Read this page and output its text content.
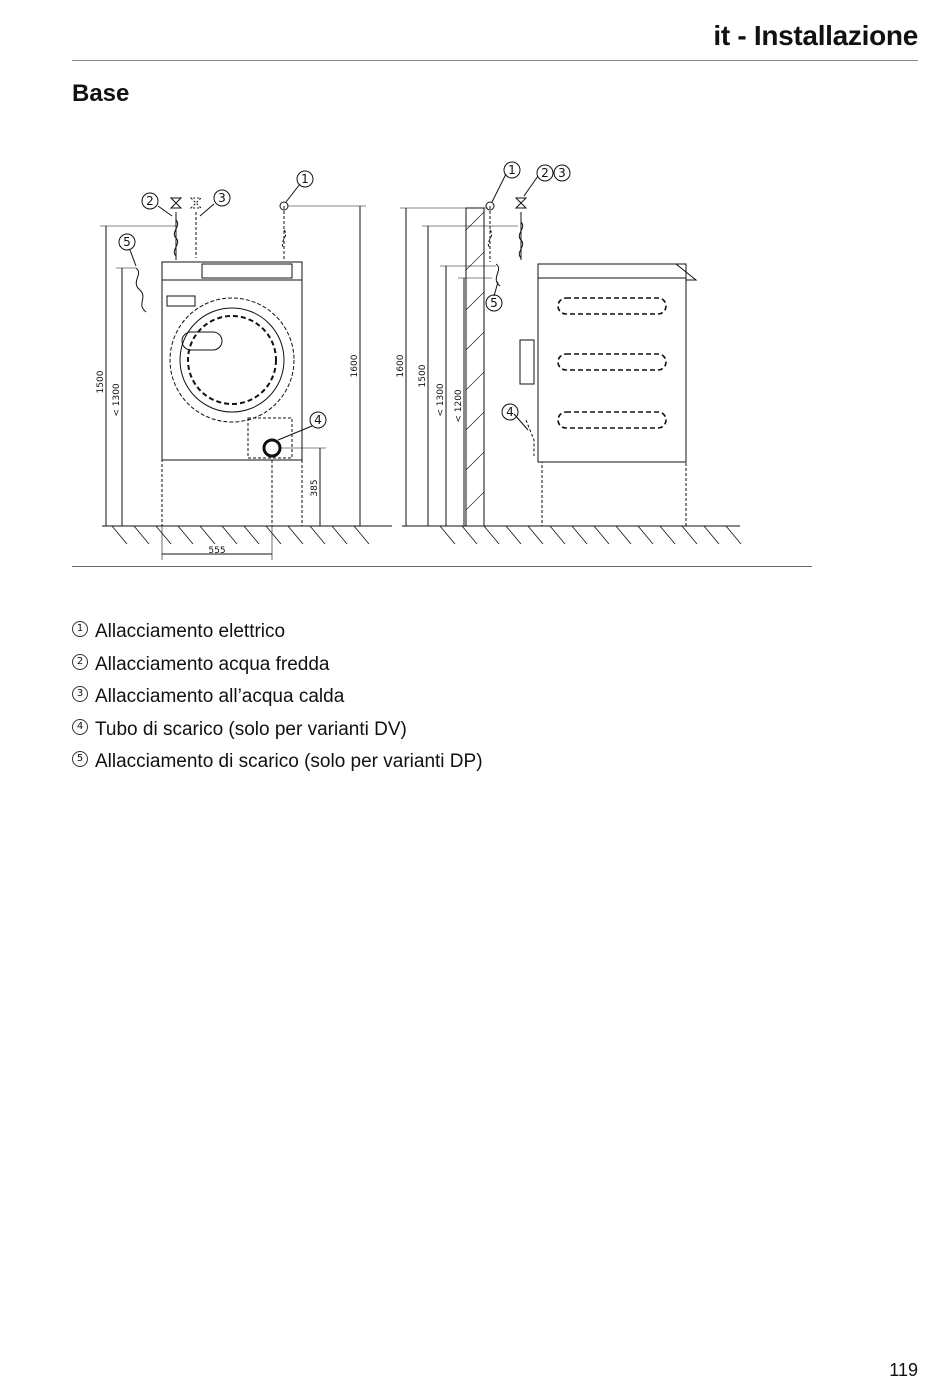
it - Installazione
Base
2	3
5
4
1
1 2 3
5
4
555
1500
< 1300
1600
385
1600 1500
< 1300 < 1200
1 Allacciamento elettrico
2 Allacciamento acqua fredda
3 Allacciamento all’acqua calda
4 Tubo di scarico (solo per varianti DV)
5 Allacciamento di scarico (solo per varianti DP)
119
